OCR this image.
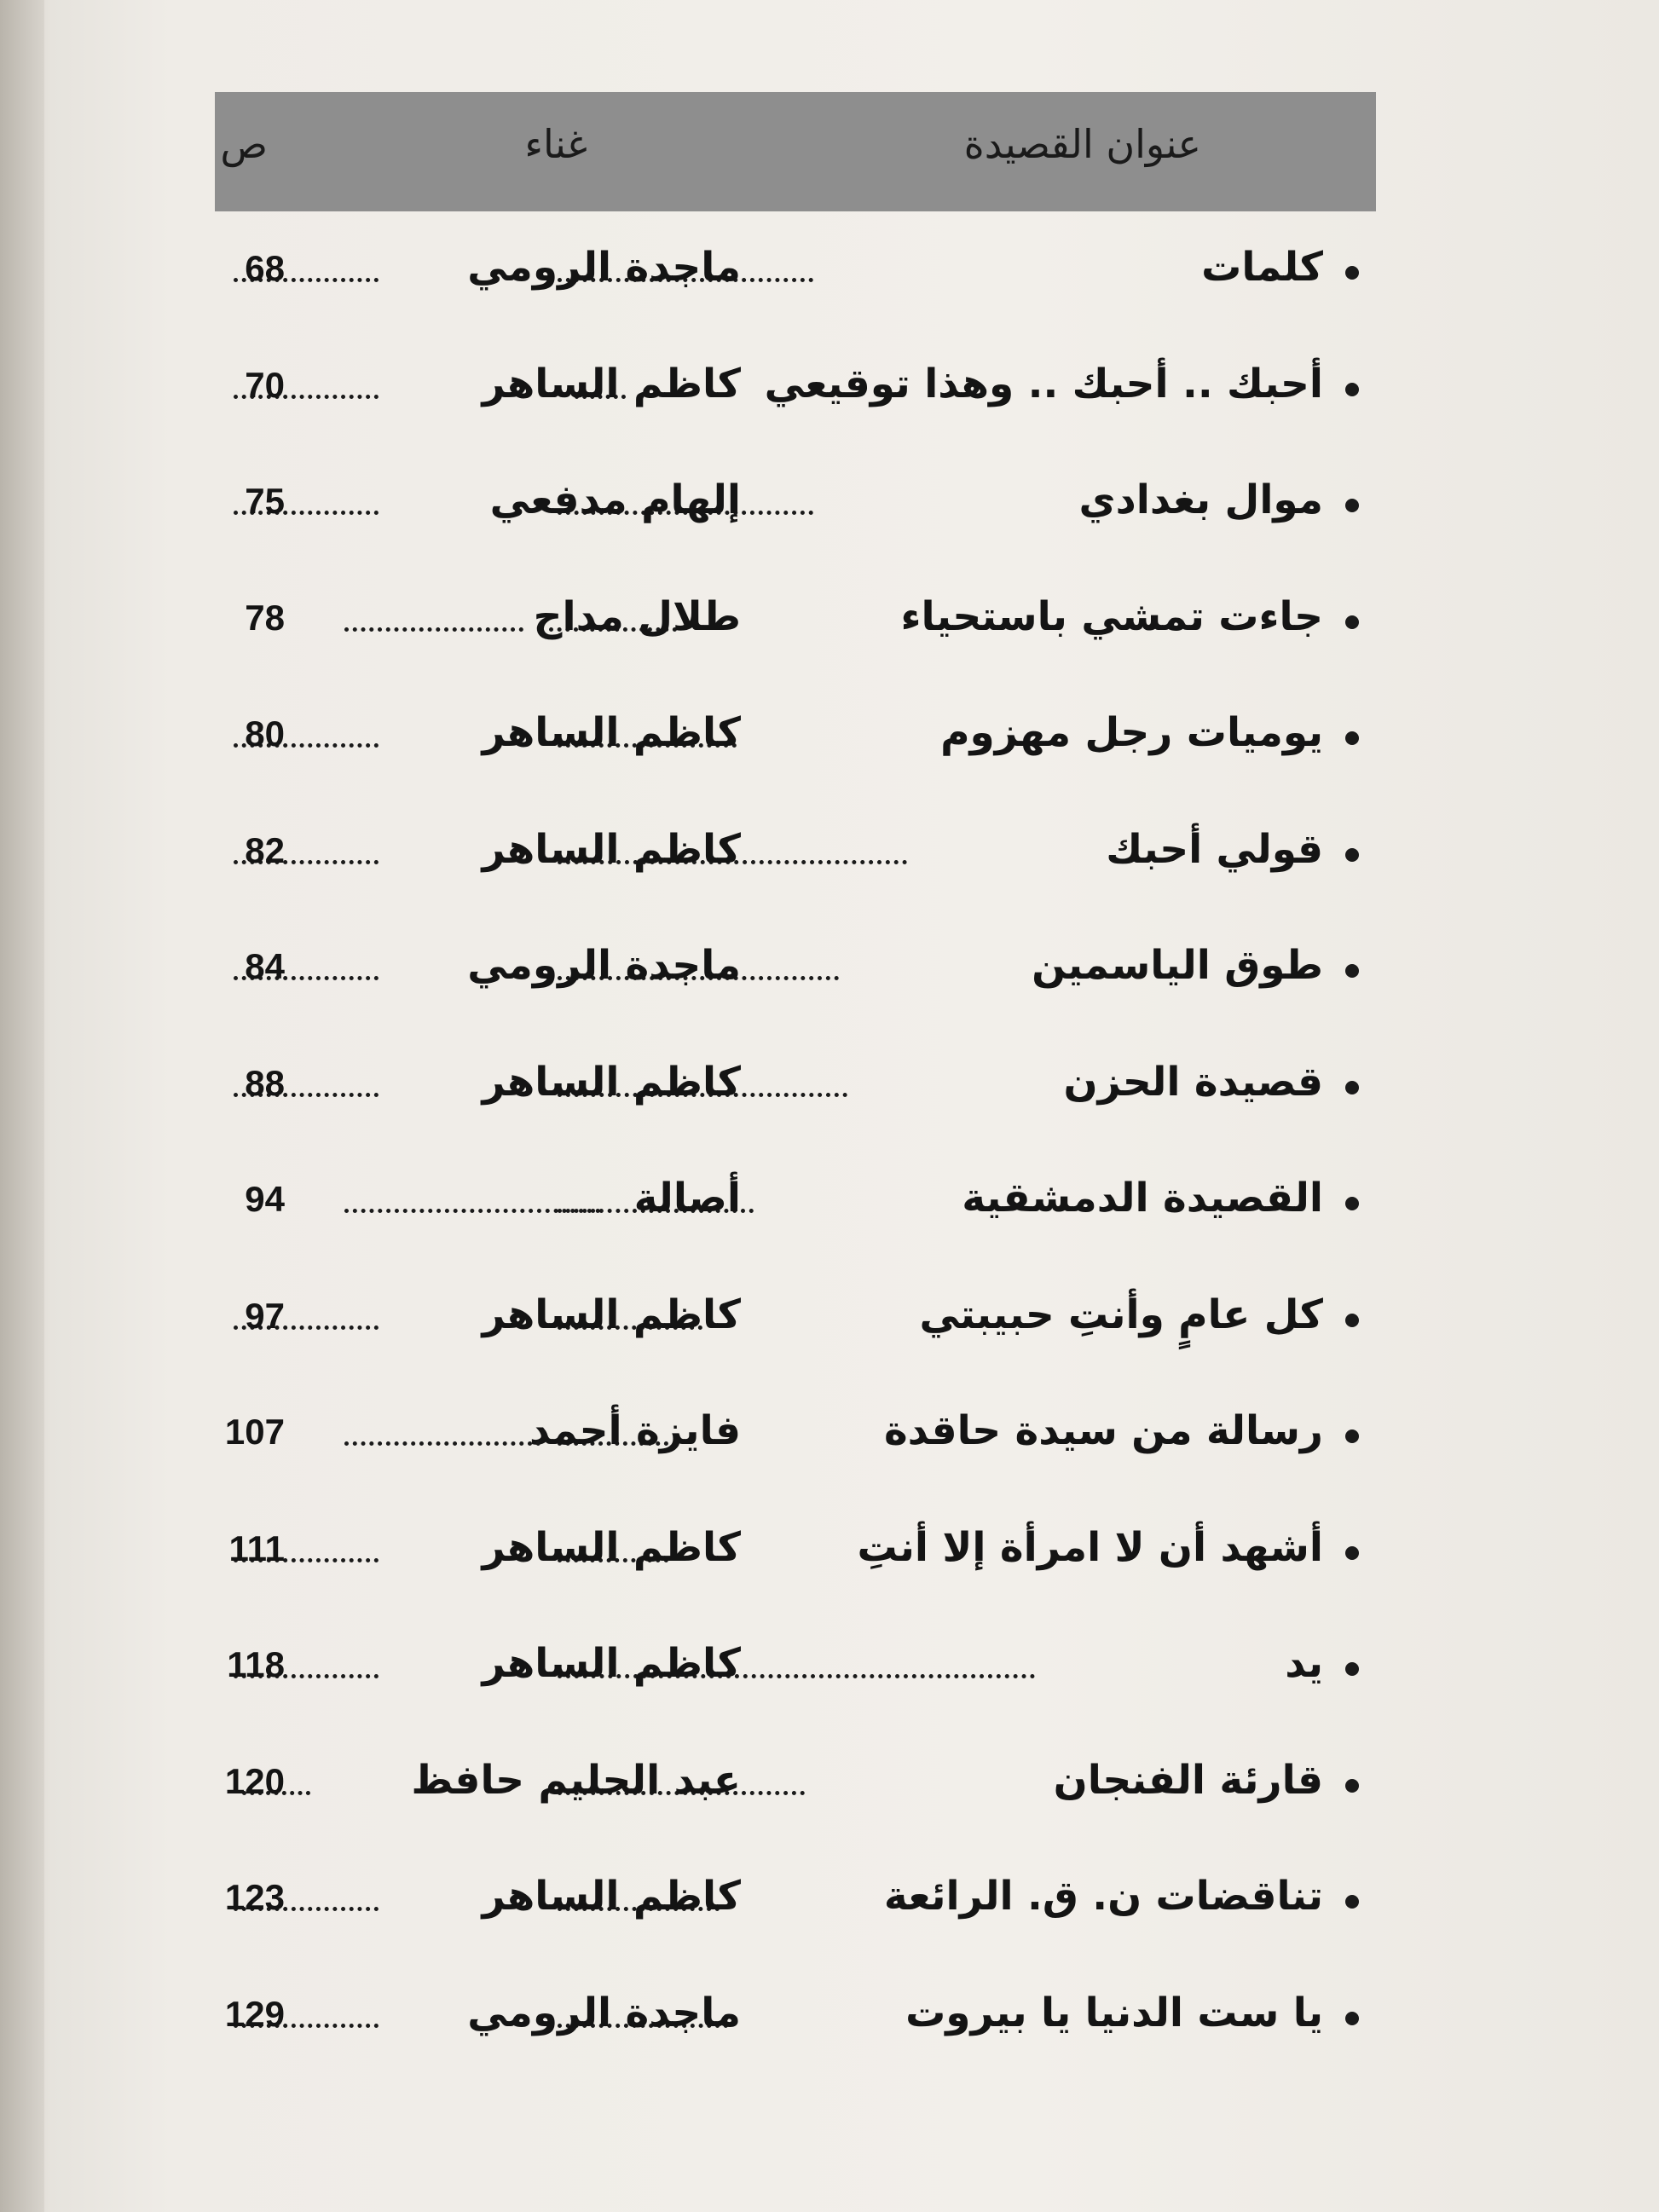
عنوان القصيدة
غناء
ص
كلمات
ماجدة الرومي
68
أحبك .. أحبك .. وهذا توقيعي
كاظم الساهر
70
موال بغدادي
إلهام مدفعي
75
جاءت تمشي باستحياء
طلال مداح
78
يوميات رجل مهزوم
كاظم الساهر
80
قولي أحبك
كاظم الساهر
82
طوق الياسمين
ماجدة الرومي
84
قصيدة الحزن
كاظم الساهر
88
القصيدة الدمشقية
أصالة
94
كل عامٍ وأنتِ حبيبتي
كاظم الساهر
97
رسالة من سيدة حاقدة
فايزة أحمد
107
أشهد أن لا امرأة إلا أنتِ
كاظم الساهر
111
يد
كاظم الساهر
118
قارئة الفنجان
عبد الحليم حافظ
120
تناقضات ن. ق. الرائعة
كاظم الساهر
123
يا ست الدنيا يا بيروت
ماجدة الرومي
129
